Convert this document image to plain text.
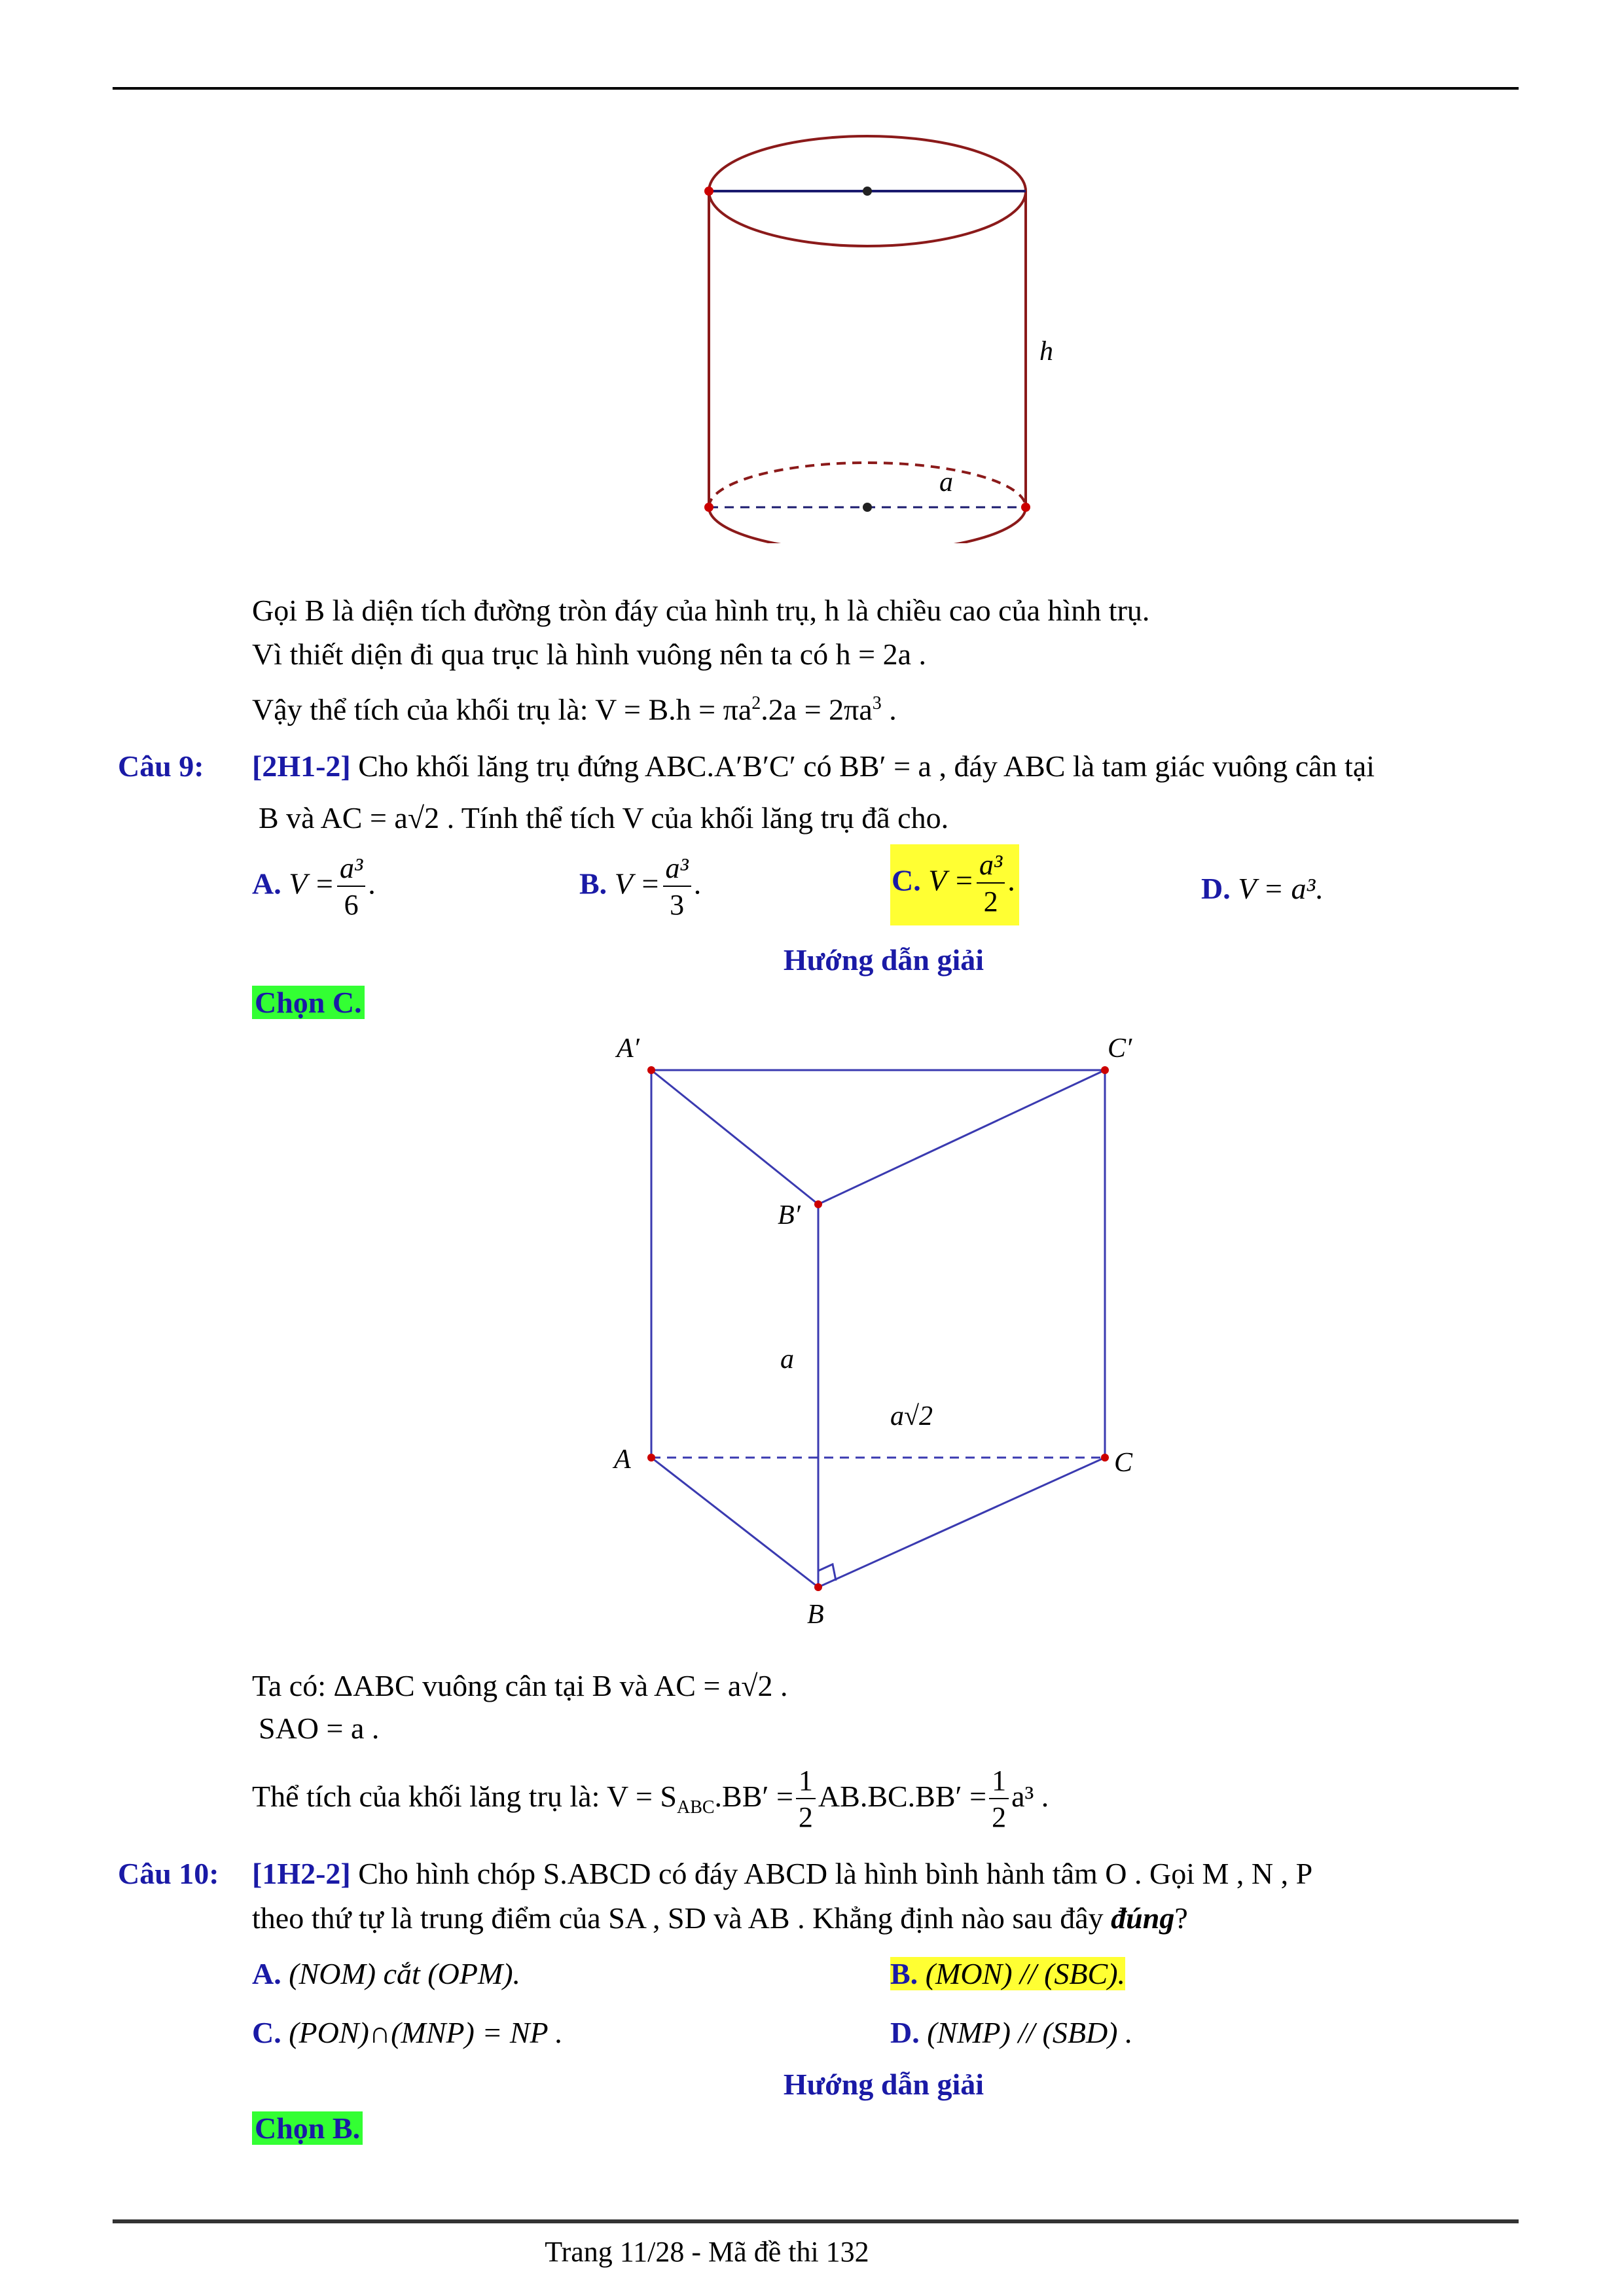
h
a
Gọi B là diện tích đường tròn đáy của hình trụ, h là chiều cao của hình trụ.
Vì thiết diện đi qua trục là hình vuông nên ta có h = 2a .
Vậy thể tích của khối trụ là: $V = B.h = \pi a^2.2a = 2\pi a^3$ .
Câu 9: [2H1-2] Cho khối lăng trụ đứng ABC.A′B′C′ có BB′ = a , đáy ABC là tam giác vuông cân tại
B và AC = a√2 . Tính thể tích V của khối lăng trụ đã cho.
A. $V = \frac{\text{a³}}{6}$ .	B. $V = \frac{\text{a³}}{3}$ .	C. $V = \frac{\text{a³}}{2}$ .	D. V = a³.
Hướng dẫn giải
Chọn C.
A′	C′
B′
A	C
B
a
a√2
Ta có: ΔABC vuông cân tại B và AC = a√2 .
SAO = a .
Thể tích của khối lăng trụ là: $V = S_{ABC}.BB' = \frac{1}{2} AB.BC.BB' = \frac{1}{2} a^3$ .
Câu 10: [1H2-2] Cho hình chóp S.ABCD có đáy ABCD là hình bình hành tâm O . Gọi M , N , P
theo thứ tự là trung điểm của SA , SD và AB . Khẳng định nào sau đây đúng?
A. (NOM) cắt (OPM).	B. (MON) // (SBC).
C. (PON)∩(MNP) = NP .	D. (NMP) // (SBD) .
Hướng dẫn giải
Chọn B.
Trang 11/28 - Mã đề thi 132
